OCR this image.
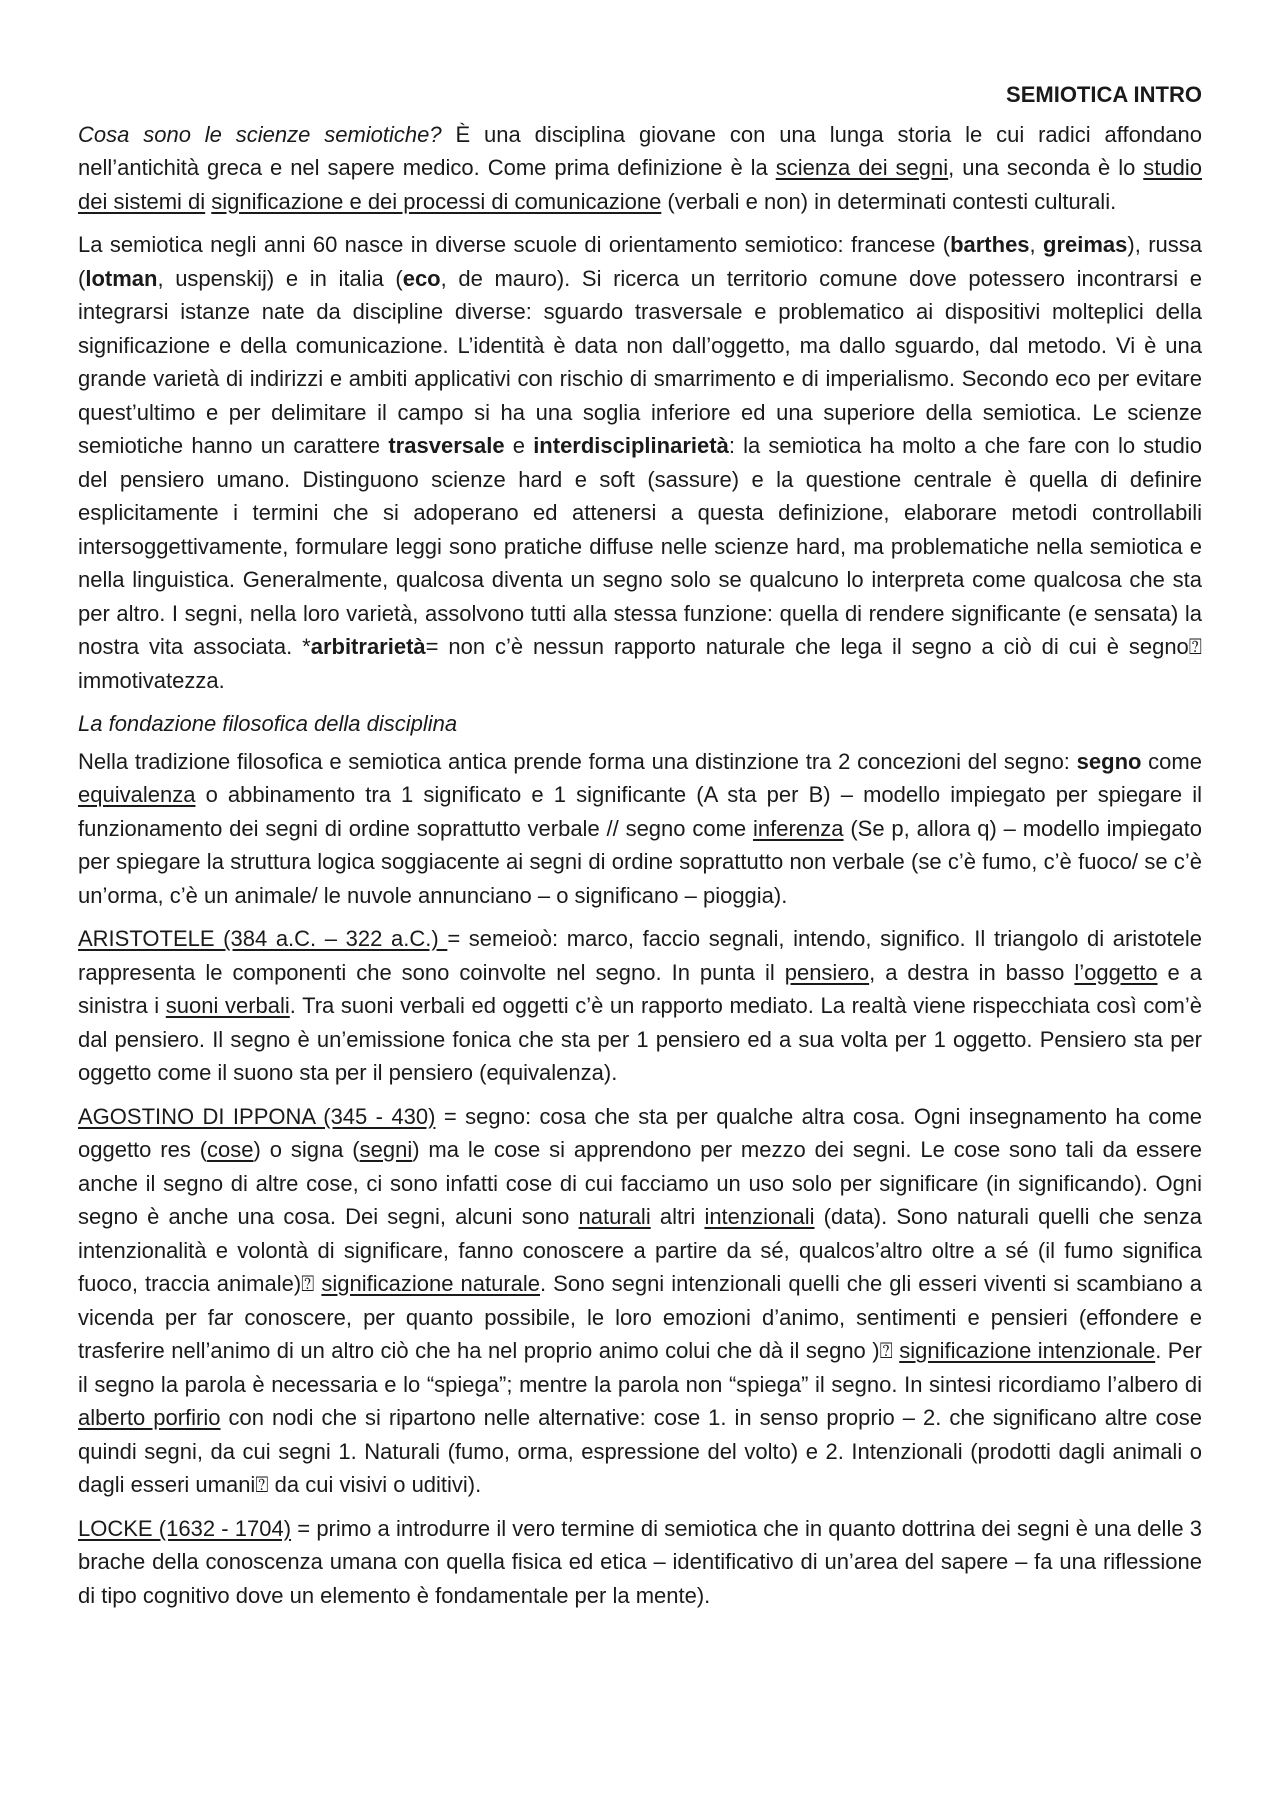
SEMIOTICA INTRO

Cosa sono le scienze semiotiche? È una disciplina giovane con una lunga storia le cui radici affondano nell’antichità greca e nel sapere medico. Come prima definizione è la scienza dei segni, una seconda è lo studio dei sistemi di significazione e dei processi di comunicazione (verbali e non) in determinati contesti culturali.

La semiotica negli anni 60 nasce in diverse scuole di orientamento semiotico: francese (barthes, greimas), russa (lotman, uspenskij) e in italia (eco, de mauro). Si ricerca un territorio comune dove potessero incontrarsi e integrarsi istanze nate da discipline diverse: sguardo trasversale e problematico ai dispositivi molteplici della significazione e della comunicazione. L’identità è data non dall’oggetto, ma dallo sguardo, dal metodo. Vi è una grande varietà di indirizzi e ambiti applicativi con rischio di smarrimento e di imperialismo. Secondo eco per evitare quest’ultimo e per delimitare il campo si ha una soglia inferiore ed una superiore della semiotica. Le scienze semiotiche hanno un carattere trasversale e interdisciplinarietà: la semiotica ha molto a che fare con lo studio del pensiero umano. Distinguono scienze hard e soft (sassure) e la questione centrale è quella di definire esplicitamente i termini che si adoperano ed attenersi a questa definizione, elaborare metodi controllabili intersoggettivamente, formulare leggi sono pratiche diffuse nelle scienze hard, ma problematiche nella semiotica e nella linguistica. Generalmente, qualcosa diventa un segno solo se qualcuno lo interpreta come qualcosa che sta per altro. I segni, nella loro varietà, assolvono tutti alla stessa funzione: quella di rendere significante (e sensata) la nostra vita associata. *arbitrarietà= non c’è nessun rapporto naturale che lega il segno a ciò di cui è segno⍰ immotivatezza.

La fondazione filosofica della disciplina

Nella tradizione filosofica e semiotica antica prende forma una distinzione tra 2 concezioni del segno: segno come equivalenza o abbinamento tra 1 significato e 1 significante (A sta per B) – modello impiegato per spiegare il funzionamento dei segni di ordine soprattutto verbale // segno come inferenza (Se p, allora q) – modello impiegato per spiegare la struttura logica soggiacente ai segni di ordine soprattutto non verbale (se c’è fumo, c’è fuoco/ se c’è un’orma, c’è un animale/ le nuvole annunciano – o significano – pioggia).

ARISTOTELE (384 a.C. – 322 a.C.) = semeioò: marco, faccio segnali, intendo, significo. Il triangolo di aristotele rappresenta le componenti che sono coinvolte nel segno. In punta il pensiero, a destra in basso l’oggetto e a sinistra i suoni verbali. Tra suoni verbali ed oggetti c’è un rapporto mediato. La realtà viene rispecchiata così com’è dal pensiero. Il segno è un’emissione fonica che sta per 1 pensiero ed a sua volta per 1 oggetto. Pensiero sta per oggetto come il suono sta per il pensiero (equivalenza).

AGOSTINO DI IPPONA (345 - 430) = segno: cosa che sta per qualche altra cosa. Ogni insegnamento ha come oggetto res (cose) o signa (segni) ma le cose si apprendono per mezzo dei segni. Le cose sono tali da essere anche il segno di altre cose, ci sono infatti cose di cui facciamo un uso solo per significare (in significando). Ogni segno è anche una cosa. Dei segni, alcuni sono naturali altri intenzionali (data). Sono naturali quelli che senza intenzionalità e volontà di significare, fanno conoscere a partire da sé, qualcos’altro oltre a sé (il fumo significa fuoco, traccia animale)⍰ significazione naturale. Sono segni intenzionali quelli che gli esseri viventi si scambiano a vicenda per far conoscere, per quanto possibile, le loro emozioni d’animo, sentimenti e pensieri (effondere e trasferire nell’animo di un altro ciò che ha nel proprio animo colui che dà il segno )⍰ significazione intenzionale. Per il segno la parola è necessaria e lo “spiega”; mentre la parola non “spiega” il segno. In sintesi ricordiamo l’albero di alberto porfirio con nodi che si ripartono nelle alternative: cose 1. in senso proprio – 2. che significano altre cose quindi segni, da cui segni 1. Naturali (fumo, orma, espressione del volto) e 2. Intenzionali (prodotti dagli animali o dagli esseri umani⍰ da cui visivi o uditivi).

LOCKE (1632 - 1704) = primo a introdurre il vero termine di semiotica che in quanto dottrina dei segni è una delle 3 brache della conoscenza umana con quella fisica ed etica – identificativo di un’area del sapere – fa una riflessione di tipo cognitivo dove un elemento è fondamentale per la mente).
